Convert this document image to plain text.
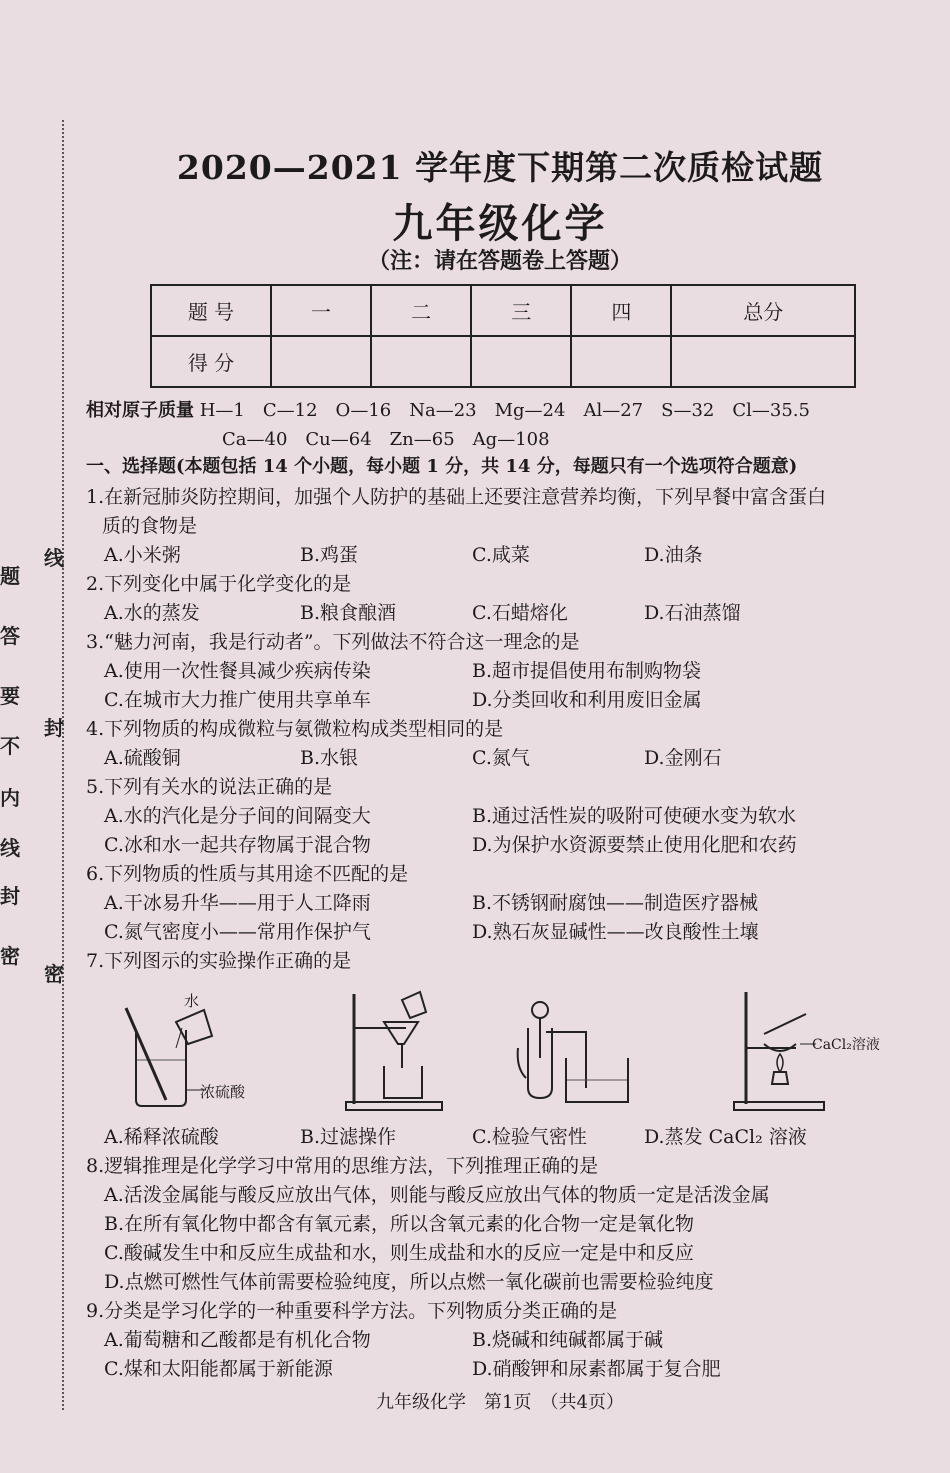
密
封
线
内
不
要
答
题
密
封
线
2020—2021 学年度下期第二次质检试题
九年级化学
（注：请在答题卷上答题）
题 号	一	二	三	四	总分
得 分					
相对原子质量 H—1　C—12　O—16　Na—23　Mg—24　Al—27　S—32　Cl—35.5
Ca—40　Cu—64　Zn—65　Ag—108
一、选择题(本题包括 14 个小题，每小题 1 分，共 14 分，每题只有一个选项符合题意)
1.在新冠肺炎防控期间，加强个人防护的基础上还要注意营养均衡，下列早餐中富含蛋白
质的食物是
A.小米粥	B.鸡蛋	C.咸菜	D.油条
2.下列变化中属于化学变化的是
A.水的蒸发	B.粮食酿酒	C.石蜡熔化	D.石油蒸馏
3.“魅力河南，我是行动者”。下列做法不符合这一理念的是
A.使用一次性餐具减少疾病传染	B.超市提倡使用布制购物袋
C.在城市大力推广使用共享单车	D.分类回收和利用废旧金属
4.下列物质的构成微粒与氨微粒构成类型相同的是
A.硫酸铜	B.水银	C.氮气	D.金刚石
5.下列有关水的说法正确的是
A.水的汽化是分子间的间隔变大	B.通过活性炭的吸附可使硬水变为软水
C.冰和水一起共存物属于混合物	D.为保护水资源要禁止使用化肥和农药
6.下列物质的性质与其用途不匹配的是
A.干冰易升华——用于人工降雨	B.不锈钢耐腐蚀——制造医疗器械
C.氮气密度小——常用作保护气	D.熟石灰显碱性——改良酸性土壤
7.下列图示的实验操作正确的是
水
浓硫酸
CaCl₂溶液
A.稀释浓硫酸	B.过滤操作	C.检验气密性	D.蒸发 CaCl₂ 溶液
8.逻辑推理是化学学习中常用的思维方法，下列推理正确的是
A.活泼金属能与酸反应放出气体，则能与酸反应放出气体的物质一定是活泼金属
B.在所有氧化物中都含有氧元素，所以含氧元素的化合物一定是氧化物
C.酸碱发生中和反应生成盐和水，则生成盐和水的反应一定是中和反应
D.点燃可燃性气体前需要检验纯度，所以点燃一氧化碳前也需要检验纯度
9.分类是学习化学的一种重要科学方法。下列物质分类正确的是
A.葡萄糖和乙酸都是有机化合物	B.烧碱和纯碱都属于碱
C.煤和太阳能都属于新能源	D.硝酸钾和尿素都属于复合肥
九年级化学　第1页　（共4页）
